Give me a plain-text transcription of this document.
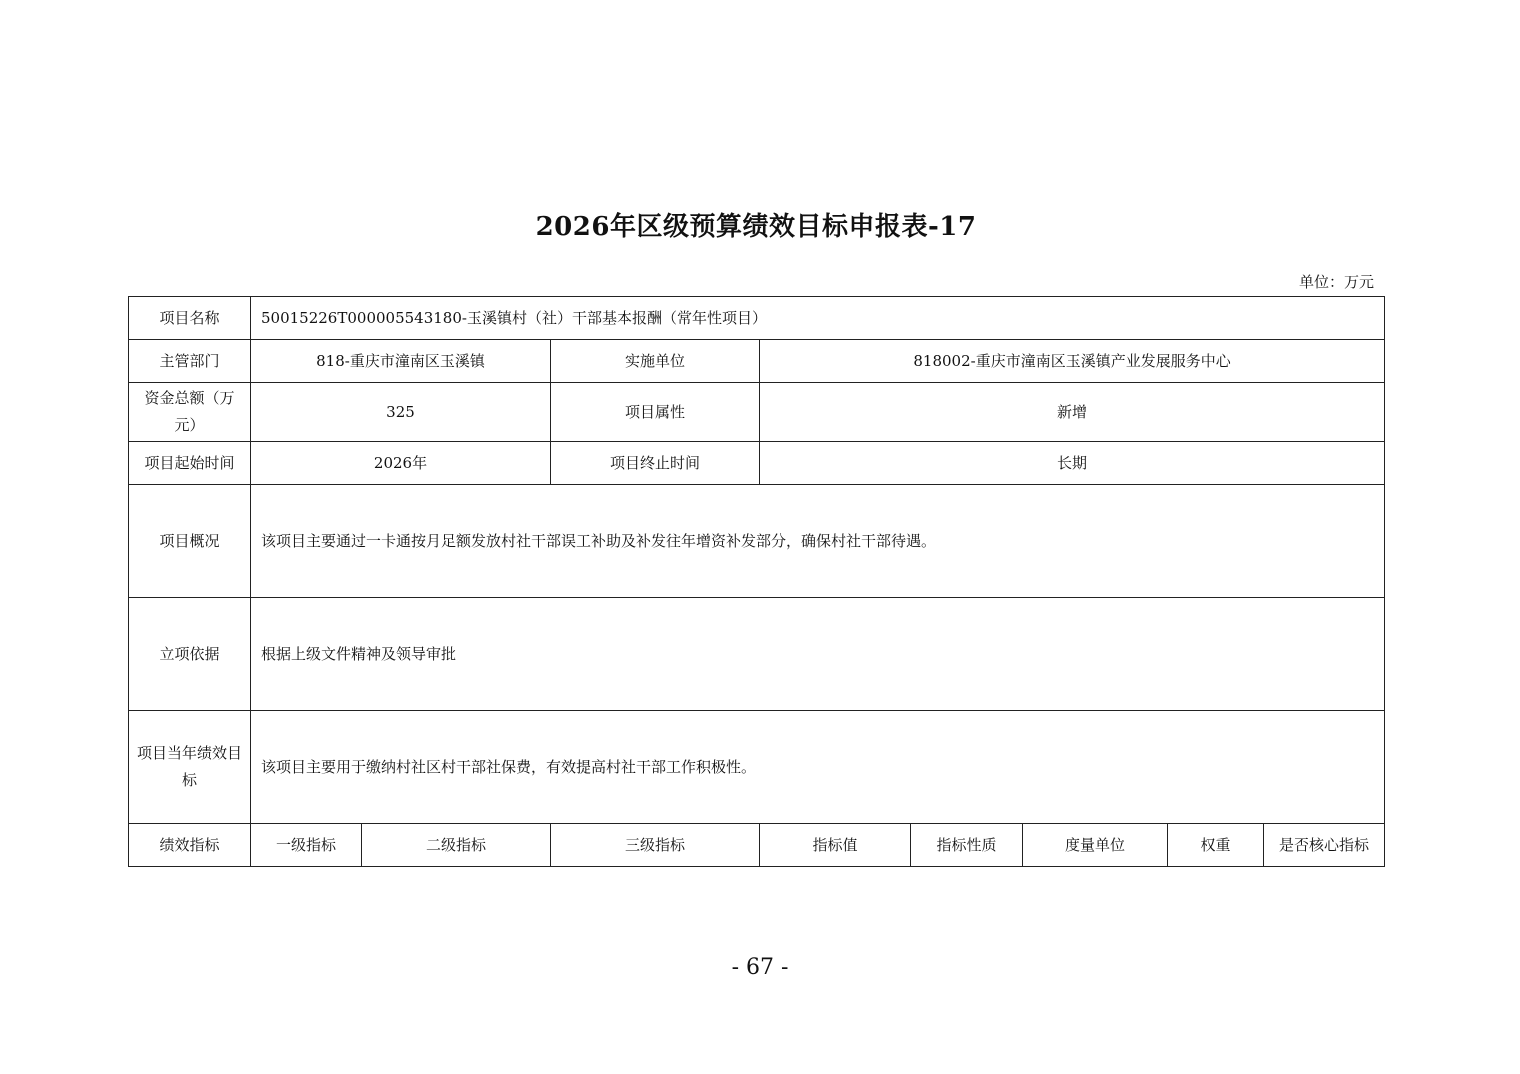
2026年区级预算绩效目标申报表-17
单位：万元
项目名称	50015226T000005543180-玉溪镇村（社）干部基本报酬（常年性项目）							
主管部门	818-重庆市潼南区玉溪镇		实施单位	818002-重庆市潼南区玉溪镇产业发展服务中心				
资金总额（万元）	325		项目属性	新增				
项目起始时间	2026年		项目终止时间	长期				
项目概况	该项目主要通过一卡通按月足额发放村社干部误工补助及补发往年增资补发部分，确保村社干部待遇。							
立项依据	根据上级文件精神及领导审批							
项目当年绩效目标	该项目主要用于缴纳村社区村干部社保费，有效提高村社干部工作积极性。							
绩效指标	一级指标	二级指标	三级指标	指标值	指标性质	度量单位	权重	是否核心指标
- 67 -
